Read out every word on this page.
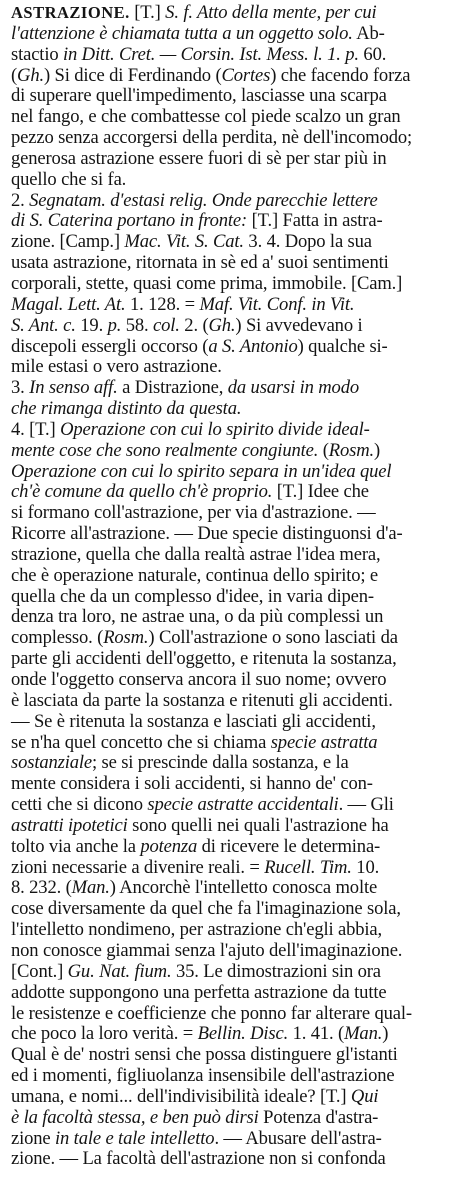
ASTRAZIONE. [T.] S. f. Atto della mente, per cui
l'attenzione è chiamata tutta a un oggetto solo. Ab-
stactio in Ditt. Cret. — Corsin. Ist. Mess. l. 1. p. 60.
(Gh.) Si dice di Ferdinando (Cortes) che facendo forza
di superare quell'impedimento, lasciasse una scarpa
nel fango, e che combattesse col piede scalzo un gran
pezzo senza accorgersi della perdita, nè dell'incomodo;
generosa astrazione essere fuori di sè per star più in
quello che si fa.
2. Segnatam. d'estasi relig. Onde parecchie lettere
di S. Caterina portano in fronte: [T.] Fatta in astra-
zione. [Camp.] Mac. Vit. S. Cat. 3. 4. Dopo la sua
usata astrazione, ritornata in sè ed a' suoi sentimenti
corporali, stette, quasi come prima, immobile. [Cam.]
Magal. Lett. At. 1. 128. = Maf. Vit. Conf. in Vit.
S. Ant. c. 19. p. 58. col. 2. (Gh.) Si avvedevano i
discepoli essergli occorso (a S. Antonio) qualche si-
mile estasi o vero astrazione.
3. In senso aff. a Distrazione, da usarsi in modo
che rimanga distinto da questa.
4. [T.] Operazione con cui lo spirito divide ideal-
mente cose che sono realmente congiunte. (Rosm.)
Operazione con cui lo spirito separa in un'idea quel
ch'è comune da quello ch'è proprio. [T.] Idee che
si formano coll'astrazione, per via d'astrazione. —
Ricorre all'astrazione. — Due specie distinguonsi d'a-
strazione, quella che dalla realtà astrae l'idea mera,
che è operazione naturale, continua dello spirito; e
quella che da un complesso d'idee, in varia dipen-
denza tra loro, ne astrae una, o da più complessi un
complesso. (Rosm.) Coll'astrazione o sono lasciati da
parte gli accidenti dell'oggetto, e ritenuta la sostanza,
onde l'oggetto conserva ancora il suo nome; ovvero
è lasciata da parte la sostanza e ritenuti gli accidenti.
— Se è ritenuta la sostanza e lasciati gli accidenti,
se n'ha quel concetto che si chiama specie astratta
sostanziale; se si prescinde dalla sostanza, e la
mente considera i soli accidenti, si hanno de' con-
cetti che si dicono specie astratte accidentali. — Gli
astratti ipotetici sono quelli nei quali l'astrazione ha
tolto via anche la potenza di ricevere le determina-
zioni necessarie a divenire reali. = Rucell. Tim. 10.
8. 232. (Man.) Ancorchè l'intelletto conosca molte
cose diversamente da quel che fa l'imaginazione sola,
l'intelletto nondimeno, per astrazione ch'egli abbia,
non conosce giammai senza l'ajuto dell'imaginazione.
[Cont.] Gu. Nat. fium. 35. Le dimostrazioni sin ora
addotte suppongono una perfetta astrazione da tutte
le resistenze e coefficienze che ponno far alterare qual-
che poco la loro verità. = Bellin. Disc. 1. 41. (Man.)
Qual è de' nostri sensi che possa distinguere gl'istanti
ed i momenti, figliuolanza insensibile dell'astrazione
umana, e nomi... dell'indivisibilità ideale? [T.] Qui
è la facoltà stessa, e ben può dirsi Potenza d'astra-
zione in tale e tale intelletto. — Abusare dell'astra-
zione. — La facoltà dell'astrazione non si confonda
